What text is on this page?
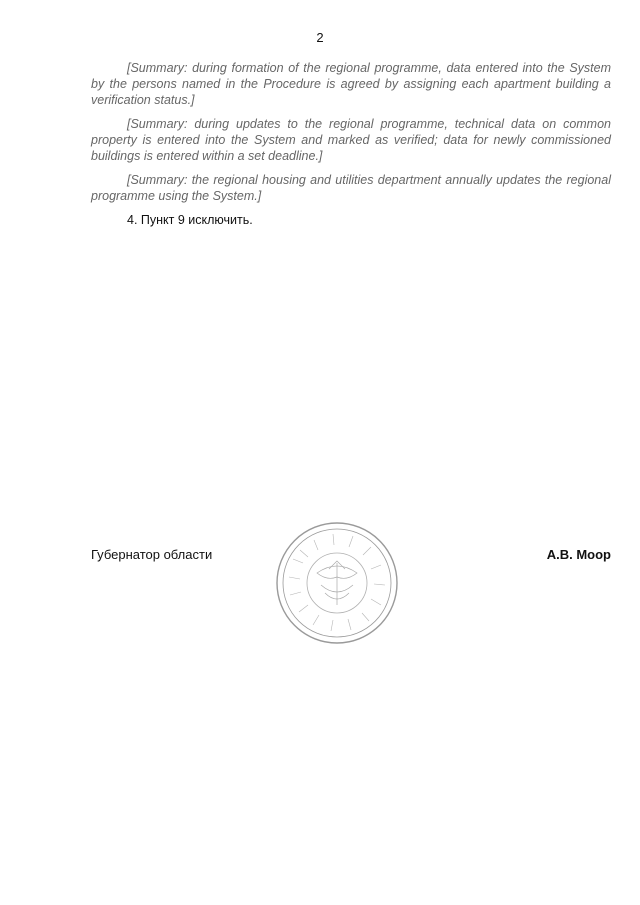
2

[Summary: during formation of the regional programme, data entered into the System by the persons named in the Procedure is agreed by assigning each apartment building a verification status.]

[Summary: during updates to the regional programme, technical data on common property is entered into the System and marked as verified; data for newly commissioned buildings is entered within a set deadline.]

[Summary: the regional housing and utilities department annually updates the regional programme using the System.]

4. Пункт 9 исключить.

Губернатор области	А.В. Моор
